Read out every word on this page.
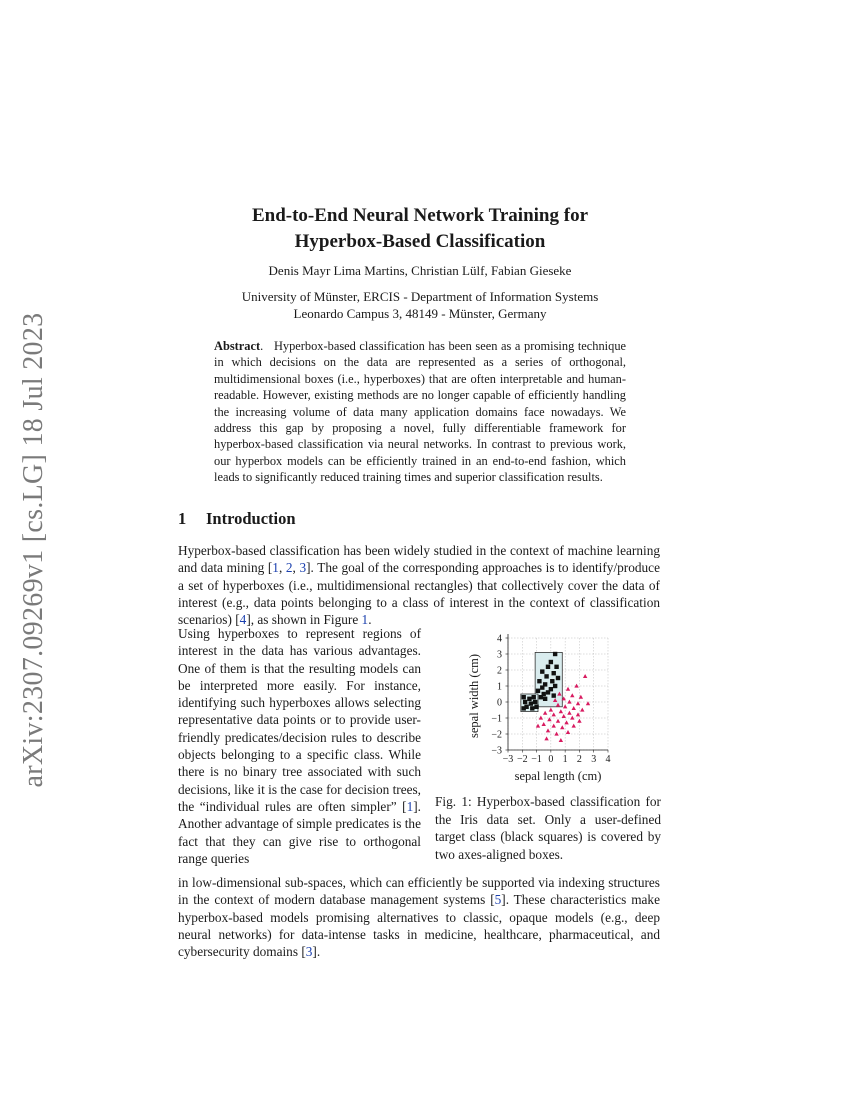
arXiv:2307.09269v1 [cs.LG] 18 Jul 2023
End-to-End Neural Network Training for
Hyperbox-Based Classification
Denis Mayr Lima Martins, Christian Lülf, Fabian Gieseke
University of Münster, ERCIS - Department of Information Systems
Leonardo Campus 3, 48149 - Münster, Germany
Abstract.   Hyperbox-based classification has been seen as a promising technique in which decisions on the data are represented as a series of orthogonal, multidimensional boxes (i.e., hyperboxes) that are often interpretable and human-readable. However, existing methods are no longer capable of efficiently handling the increasing volume of data many application domains face nowadays. We address this gap by proposing a novel, fully differentiable framework for hyperbox-based classification via neural networks. In contrast to previous work, our hyperbox models can be efficiently trained in an end-to-end fashion, which leads to significantly reduced training times and superior classification results.
1 Introduction
Hyperbox-based classification has been widely studied in the context of machine learning and data mining [1, 2, 3]. The goal of the corresponding approaches is to identify/produce a set of hyperboxes (i.e., multidimensional rectangles) that collectively cover the data of interest (e.g., data points belonging to a class of interest in the context of classification scenarios) [4], as shown in Figure 1.
Using hyperboxes to represent regions of interest in the data has various advantages. One of them is that the resulting models can be interpreted more easily. For instance, identifying such hyperboxes allows selecting representative data points or to provide user-friendly predicates/decision rules to describe objects belonging to a specific class. While there is no binary tree associated with such decisions, like it is the case for decision trees, the “individual rules are often simpler” [1]. Another advantage of simple predicates is the fact that they can give rise to orthogonal range queries
−3 −2 −1 0 1 2 3 4
−3
−2
−1
0
1
2
3
4
sepal length (cm)
sepal width (cm)
Fig. 1: Hyperbox-based classification for the Iris data set. Only a user-defined target class (black squares) is covered by two axes-aligned boxes.
in low-dimensional sub-spaces, which can efficiently be supported via indexing structures in the context of modern database management systems [5]. These characteristics make hyperbox-based models promising alternatives to classic, opaque models (e.g., deep neural networks) for data-intense tasks in medicine, healthcare, pharmaceutical, and cybersecurity domains [3].
